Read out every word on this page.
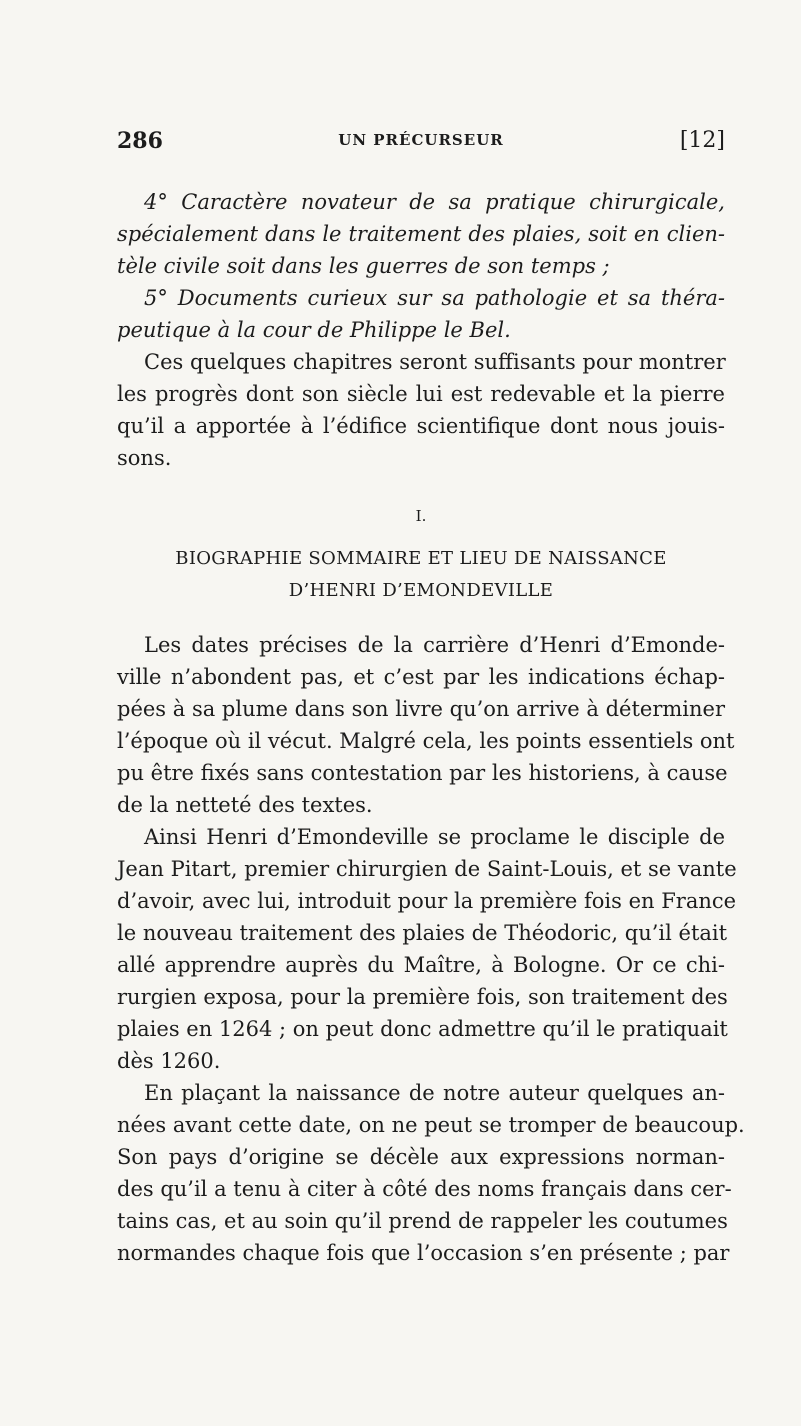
286	UN PRÉCURSEUR	[12]
4° Caractère novateur de sa pratique chirurgicale,
spécialement dans le traitement des plaies, soit en clien-
tèle civile soit dans les guerres de son temps ;
5° Documents curieux sur sa pathologie et sa théra-
peutique à la cour de Philippe le Bel.
Ces quelques chapitres seront suffisants pour montrer
les progrès dont son siècle lui est redevable et la pierre
qu’il a apportée à l’édifice scientifique dont nous jouis-
sons.
I.
BIOGRAPHIE SOMMAIRE ET LIEU DE NAISSANCE
D’HENRI D’EMONDEVILLE
Les dates précises de la carrière d’Henri d’Emonde-
ville n’abondent pas, et c’est par les indications échap-
pées à sa plume dans son livre qu’on arrive à déterminer
l’époque où il vécut. Malgré cela, les points essentiels ont
pu être fixés sans contestation par les historiens, à cause
de la netteté des textes.
Ainsi Henri d’Emondeville se proclame le disciple de
Jean Pitart, premier chirurgien de Saint-Louis, et se vante
d’avoir, avec lui, introduit pour la première fois en France
le nouveau traitement des plaies de Théodoric, qu’il était
allé apprendre auprès du Maître, à Bologne. Or ce chi-
rurgien exposa, pour la première fois, son traitement des
plaies en 1264 ; on peut donc admettre qu’il le pratiquait
dès 1260.
En plaçant la naissance de notre auteur quelques an-
nées avant cette date, on ne peut se tromper de beaucoup.
Son pays d’origine se décèle aux expressions norman-
des qu’il a tenu à citer à côté des noms français dans cer-
tains cas, et au soin qu’il prend de rappeler les coutumes
normandes chaque fois que l’occasion s’en présente ; par
